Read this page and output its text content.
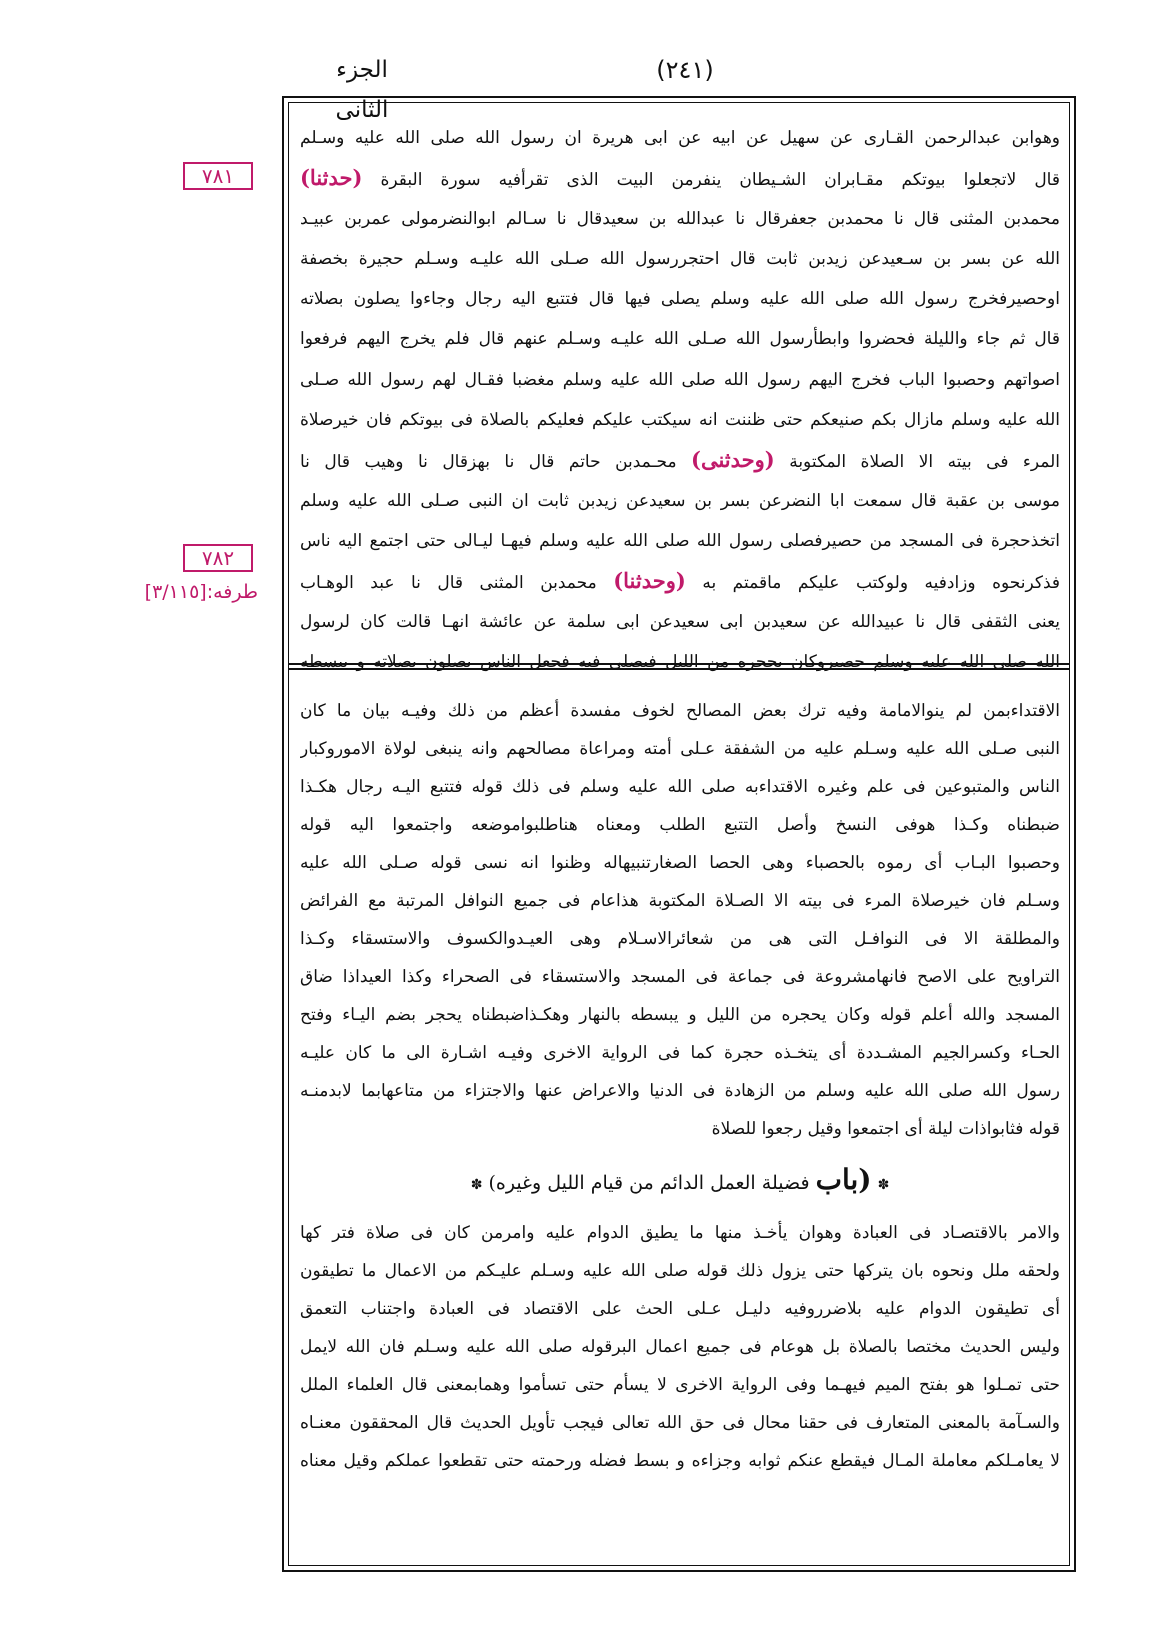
الجزء الثانى
(٢٤١)
٧٨١
٧٨٢
طرفه:[٣/١١٥]
وهوابن عبدالرحمن القـارى عن سهيل عن ابيه عن ابى هريرة ان رسول الله صلى الله عليه وسـلم
قال لاتجعلوا بيوتكم مقـابران الشـيطان ينفرمن البيت الذى تقرأفيه سورة البقرة (حدثنا)
محمدبن المثنى قال نا محمدبن جعفرقال نا عبدالله بن سعيدقال نا سـالم ابوالنضرمولى عمربن عبيـد
الله عن بسر بن سـعيدعن زيدبن ثابت قال احتجررسول الله صـلى الله عليـه وسـلم حجيرة بخصفة
اوحصيرفخرج رسول الله صلى الله عليه وسلم يصلى فيها قال فتتبع اليه رجال وجاءوا يصلون بصلاته
قال ثم جاء والليلة فحضروا وابطأرسول الله صـلى الله عليـه وسـلم عنهم قال فلم يخرج اليهم فرفعوا
اصواتهم وحصبوا الباب فخرج اليهم رسول الله صلى الله عليه وسلم مغضبا فقـال لهم رسول الله صـلى
الله عليه وسلم مازال بكم صنيعكم حتى ظننت انه سيكتب عليكم فعليكم بالصلاة فى بيوتكم فان خيرصلاة
المرء فى بيته الا الصلاة المكتوبة (وحدثنى) محـمدبن حاتم قال نا بهزقال نا وهيب قال نا
موسى بن عقبة قال سمعت ابا النضرعن بسر بن سعيدعن زيدبن ثابت ان النبى صـلى الله عليه وسلم
اتخذحجرة فى المسجد من حصيرفصلى رسول الله صلى الله عليه وسلم فيهـا ليـالى حتى اجتمع اليه ناس
فذكرنحوه وزادفيه ولوكتب عليكم ماقمتم به (وحدثنا) محمدبن المثنى قال نا عبد الوهـاب
يعنى الثقفى قال نا عبيدالله عن سعيدبن ابى سعيدعن ابى سلمة عن عائشة انهـا قالت كان لرسول
الله صلى الله عليه وسلم حصيروكان يحجره من الليل فيصلى فيه فجعل الناس يصلون بصلاته و يبسطه
الاقتداءبمن لم ينوالامامة وفيه ترك بعض المصالح لخوف مفسدة أعظم من ذلك وفيـه بيان ما كان
النبى صـلى الله عليه وسـلم عليه من الشفقة عـلى أمته ومراعاة مصالحهم وانه ينبغى لولاة الاموروكبار
الناس والمتبوعين فى علم وغيره الاقتداءبه صلى الله عليه وسلم فى ذلك قوله فتتبع اليـه رجال هكـذا
ضبطناه وكـذا هوفى النسخ وأصل التتبع الطلب ومعناه هناطلبواموضعه واجتمعوا اليه قوله
وحصبوا البـاب أى رموه بالحصباء وهى الحصا الصغارتنبيهاله وظنوا انه نسى قوله صـلى الله عليه
وسـلم فان خيرصلاة المرء فى بيته الا الصـلاة المكتوبة هذاعام فى جميع النوافل المرتبة مع الفرائض
والمطلقة الا فى النوافـل التى هى من شعائرالاسـلام وهى العيـدوالكسوف والاستسقاء وكـذا
التراويح على الاصح فانهامشروعة فى جماعة فى المسجد والاستسقاء فى الصحراء وكذا العيداذا ضاق
المسجد والله أعلم قوله وكان يحجره من الليل و يبسطه بالنهار وهكـذاضبطناه يحجر بضم اليـاء وفتح
الحـاء وكسرالجيم المشـددة أى يتخـذه حجرة كما فى الرواية الاخرى وفيـه اشـارة الى ما كان عليـه
رسول الله صلى الله عليه وسلم من الزهادة فى الدنيا والاعراض عنها والاجتزاء من متاعهابما لابدمنـه
قوله فثابواذات ليلة أى اجتمعوا وقيل رجعوا للصلاة
✽ (باب فضيلة العمل الدائم من قيام الليل وغيره) ✽
والامر بالاقتصـاد فى العبادة وهوان يأخـذ منها ما يطيق الدوام عليه وامرمن كان فى صلاة فتر كها
ولحقه ملل ونحوه بان يتركها حتى يزول ذلك قوله صلى الله عليه وسـلم عليـكم من الاعمال ما تطيقون
أى تطيقون الدوام عليه بلاضرروفيه دليـل عـلى الحث على الاقتصاد فى العبادة واجتناب التعمق
وليس الحديث مختصا بالصلاة بل هوعام فى جميع اعمال البرقوله صلى الله عليه وسـلم فان الله لايمل
حتى تمـلوا هو بفتح الميم فيهـما وفى الرواية الاخرى لا يسأم حتى تسأموا وهمابمعنى قال العلماء الملل
والسـآمة بالمعنى المتعارف فى حقنا محال فى حق الله تعالى فيجب تأويل الحديث قال المحققون معنـاه
لا يعامـلكم معاملة المـال فيقطع عنكم ثوابه وجزاءه و بسط فضله ورحمته حتى تقطعوا عملكم وقيل معناه
